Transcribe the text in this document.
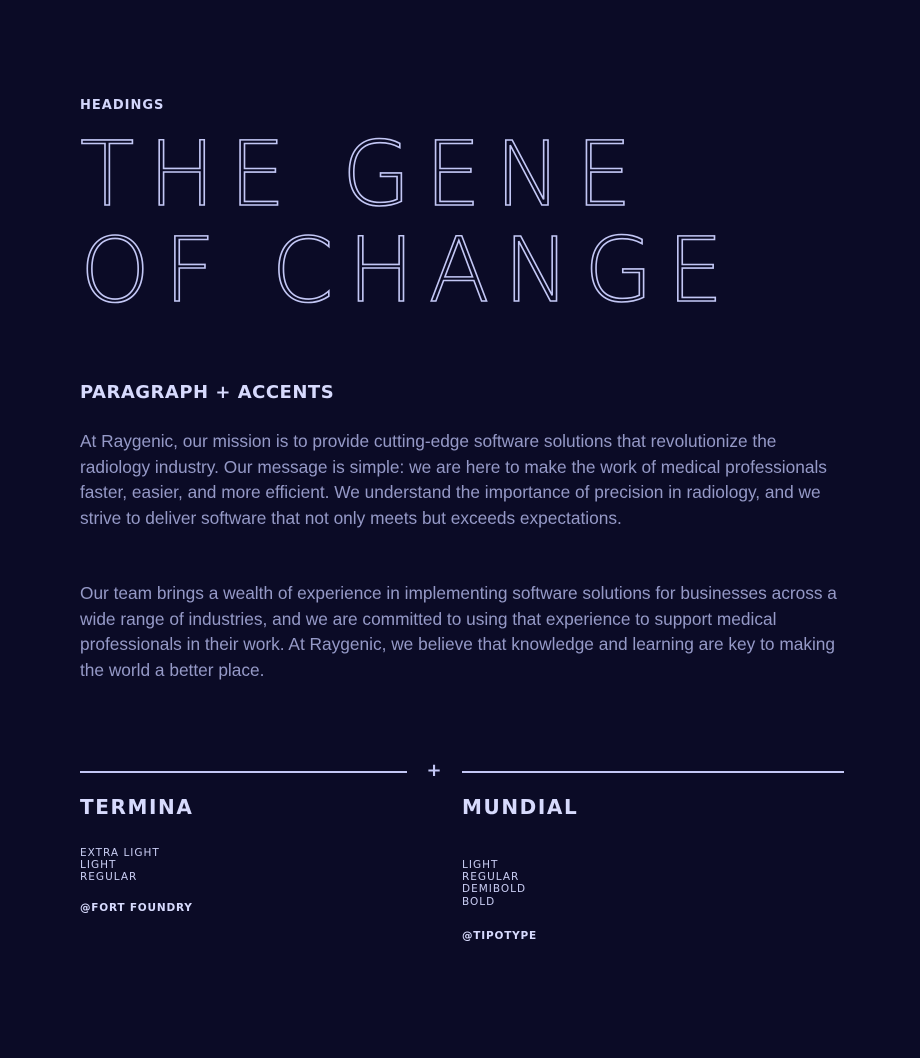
HEADINGS
THE GENE
OF CHANGE
PARAGRAPH + ACCENTS

At Raygenic, our mission is to provide cutting-edge software solutions that revolutionize the radiology industry. Our message is simple: we are here to make the work of medical professionals faster, easier, and more efficient. We understand the importance of precision in radiology, and we strive to deliver software that not only meets but exceeds expectations.

Our team brings a wealth of experience in implementing software solutions for businesses across a wide range of industries, and we are committed to using that experience to support medical professionals in their work. At Raygenic, we believe that knowledge and learning are key to making the world a better place.

+
TERMINA
EXTRA LIGHT
LIGHT
REGULAR
@FORT FOUNDRY
MUNDIAL
LIGHT
REGULAR
DEMIBOLD
BOLD
@TIPOTYPE
